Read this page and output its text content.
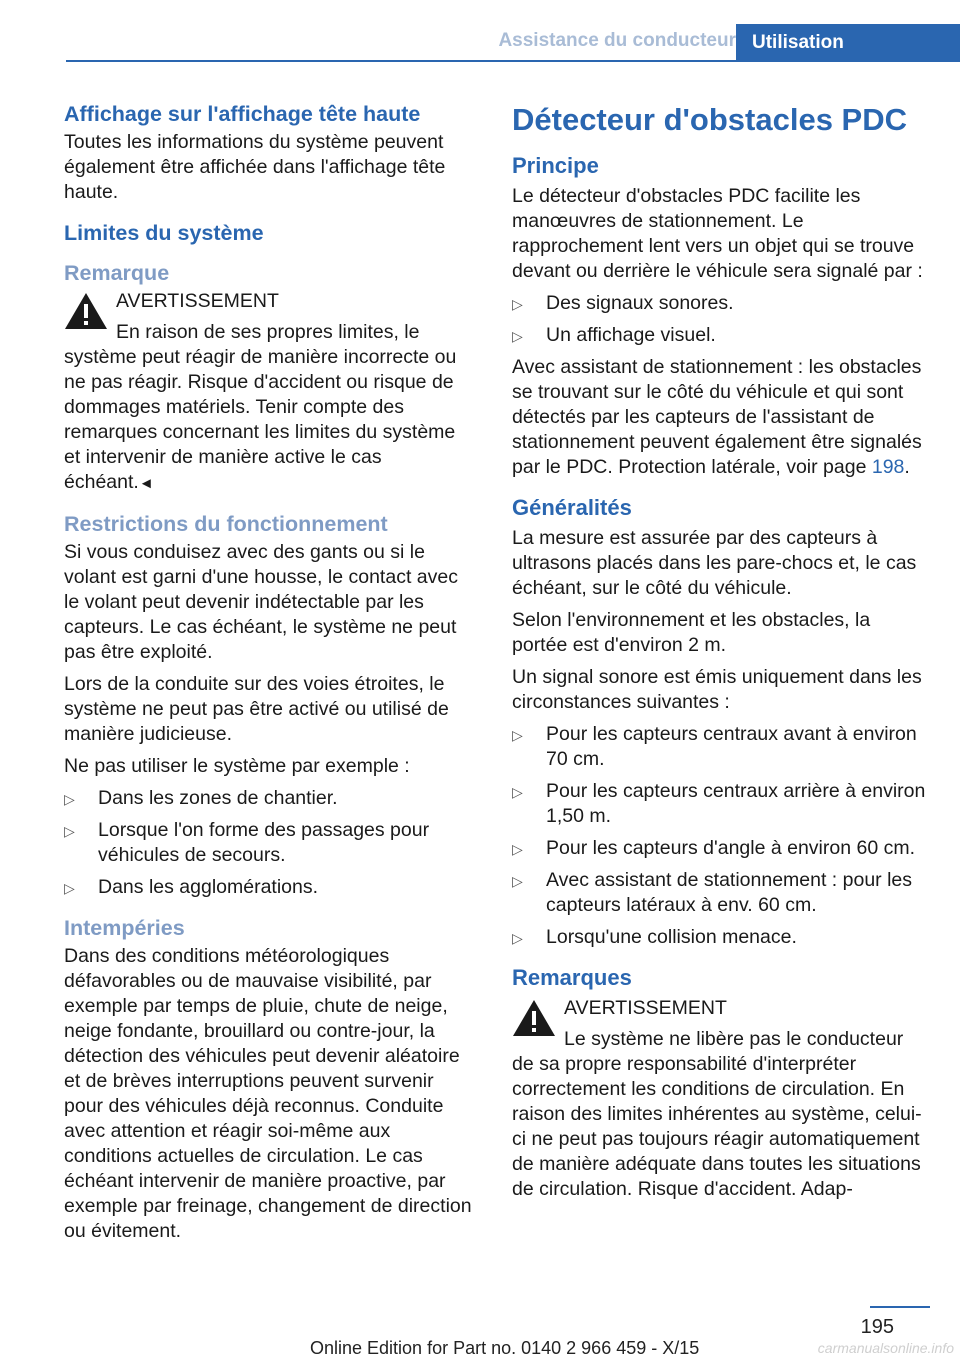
Assistance du conducteur Utilisation
Affichage sur l'affichage tête haute

Toutes les informations du système peuvent également être affichée dans l'affichage tête haute.

Limites du système
Remarque
AVERTISSEMENT
En raison de ses propres limites, le système peut réagir de manière incorrecte ou ne pas réagir. Risque d'accident ou risque de dommages matériels. Tenir compte des remarques concernant les limites du système et intervenir de manière active le cas échéant.◄
Restrictions du fonctionnement

Si vous conduisez avec des gants ou si le volant est garni d'une housse, le contact avec le volant peut devenir indétectable par les capteurs. Le cas échéant, le système ne peut pas être exploité.

Lors de la conduite sur des voies étroites, le système ne peut pas être activé ou utilisé de manière judicieuse.

Ne pas utiliser le système par exemple :

▷ Dans les zones de chantier.
▷ Lorsque l'on forme des passages pour véhicules de secours.
▷ Dans les agglomérations.
Intempéries

Dans des conditions météorologiques défavorables ou de mauvaise visibilité, par exemple par temps de pluie, chute de neige, neige fondante, brouillard ou contre-jour, la détection des véhicules peut devenir aléatoire et de brèves interruptions peuvent survenir pour des véhicules déjà reconnus. Conduite avec attention et réagir soi-même aux conditions actuelles de circulation. Le cas échéant intervenir de manière proactive, par exemple par freinage, changement de direction ou évitement.

Détecteur d'obstacles PDC
Principe

Le détecteur d'obstacles PDC facilite les manœuvres de stationnement. Le rapprochement lent vers un objet qui se trouve devant ou derrière le véhicule sera signalé par :

▷ Des signaux sonores.
▷ Un affichage visuel.

Avec assistant de stationnement : les obstacles se trouvant sur le côté du véhicule et qui sont détectés par les capteurs de l'assistant de stationnement peuvent également être signalés par le PDC. Protection latérale, voir page 198.

Généralités

La mesure est assurée par des capteurs à ultrasons placés dans les pare-chocs et, le cas échéant, sur le côté du véhicule.

Selon l'environnement et les obstacles, la portée est d'environ 2 m.

Un signal sonore est émis uniquement dans les circonstances suivantes :

▷ Pour les capteurs centraux avant à environ 70 cm.
▷ Pour les capteurs centraux arrière à environ 1,50 m.
▷ Pour les capteurs d'angle à environ 60 cm.
▷ Avec assistant de stationnement : pour les capteurs latéraux à env. 60 cm.
▷ Lorsqu'une collision menace.
Remarques
AVERTISSEMENT
Le système ne libère pas le conducteur de sa propre responsabilité d'interpréter correctement les conditions de circulation. En raison des limites inhérentes au système, celui-ci ne peut pas toujours réagir automatiquement de manière adéquate dans toutes les situations de circulation. Risque d'accident. Adap-
195
Online Edition for Part no. 0140 2 966 459 - X/15	carmanualsonline.info
